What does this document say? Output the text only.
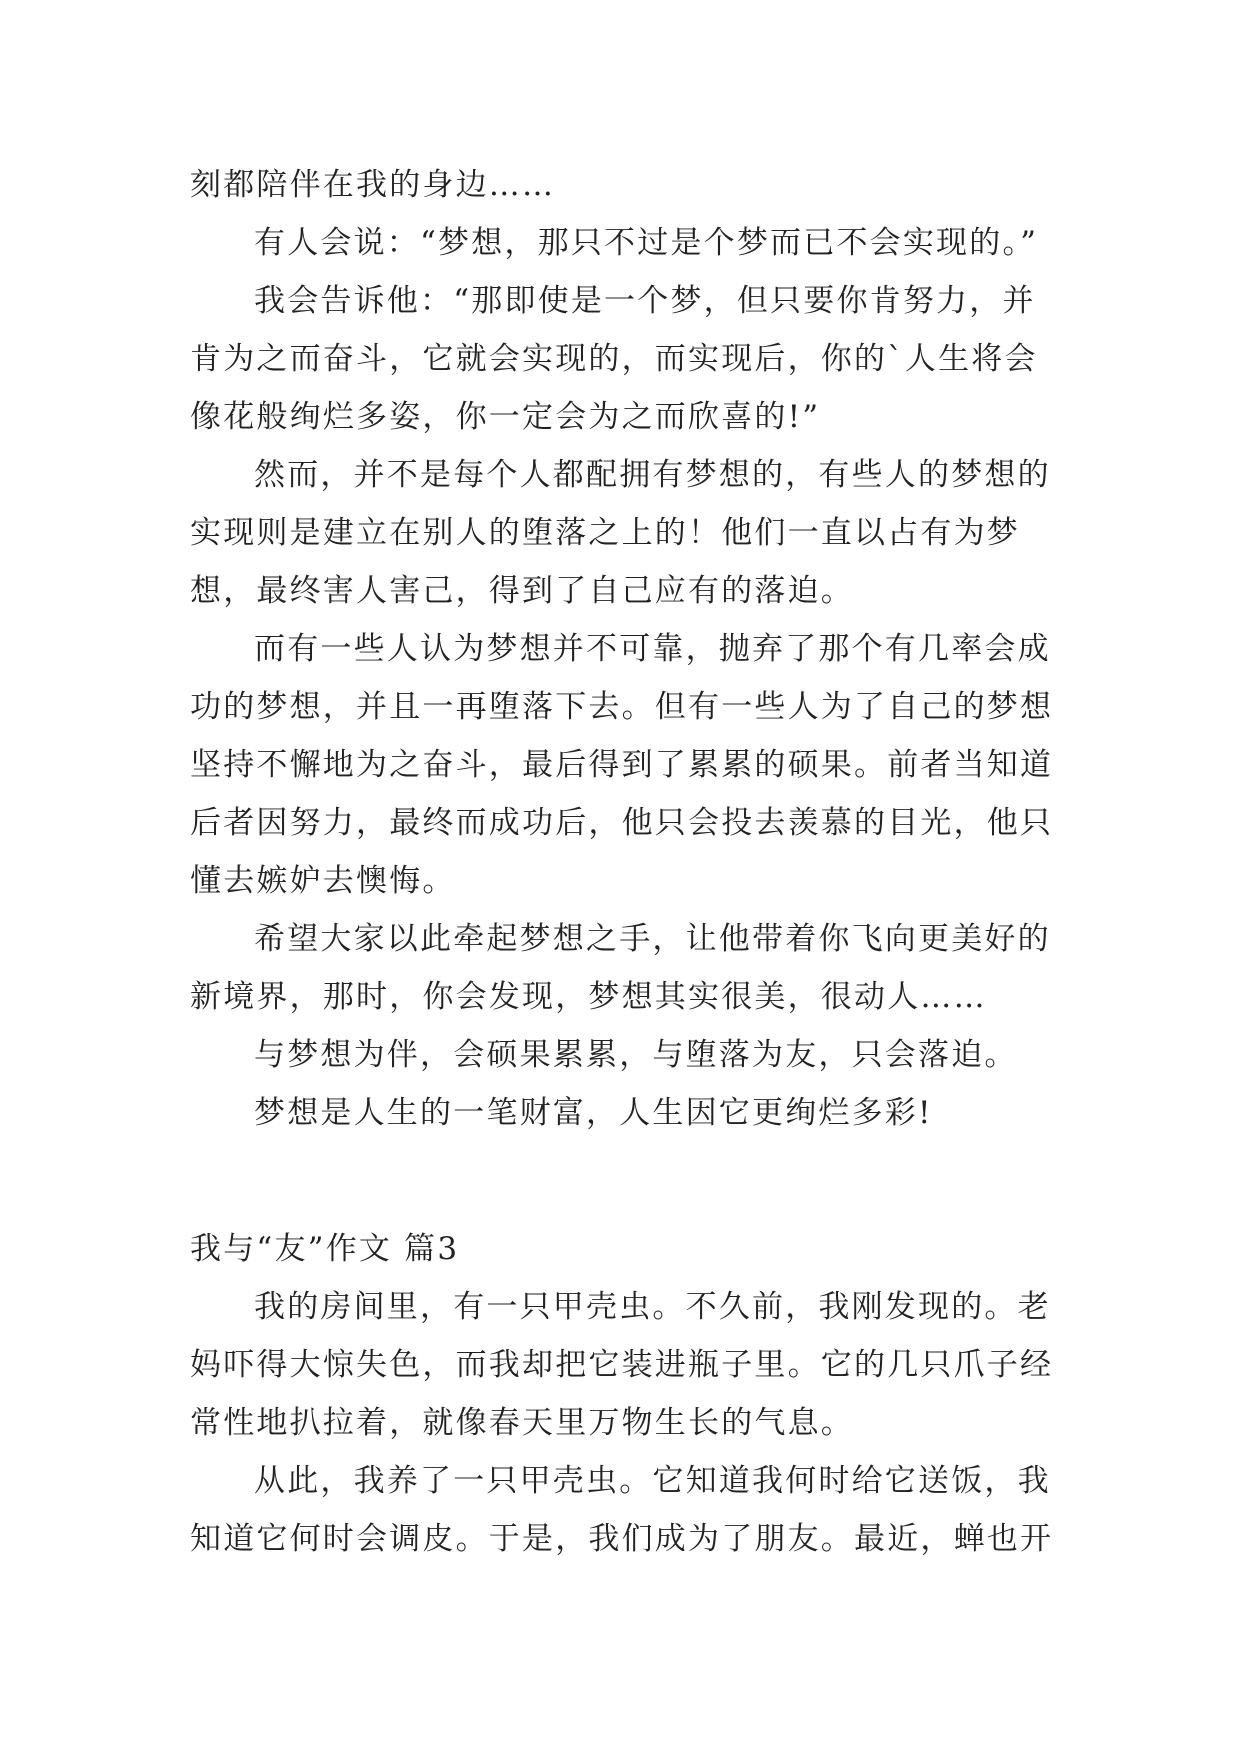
刻都陪伴在我的身边……
有人会说：“梦想，那只不过是个梦而已不会实现的。”
我会告诉他：“那即使是一个梦，但只要你肯努力，并
肯为之而奋斗，它就会实现的，而实现后，你的`人生将会
像花般绚烂多姿，你一定会为之而欣喜的!”
然而，并不是每个人都配拥有梦想的，有些人的梦想的
实现则是建立在别人的堕落之上的！他们一直以占有为梦
想，最终害人害己，得到了自己应有的落迫。
而有一些人认为梦想并不可靠，抛弃了那个有几率会成
功的梦想，并且一再堕落下去。但有一些人为了自己的梦想
坚持不懈地为之奋斗，最后得到了累累的硕果。前者当知道
后者因努力，最终而成功后，他只会投去羡慕的目光，他只
懂去嫉妒去懊悔。
希望大家以此牵起梦想之手，让他带着你飞向更美好的
新境界，那时，你会发现，梦想其实很美，很动人……
与梦想为伴，会硕果累累，与堕落为友，只会落迫。
梦想是人生的一笔财富，人生因它更绚烂多彩!
我与“友”作文 篇3
我的房间里，有一只甲壳虫。不久前，我刚发现的。老
妈吓得大惊失色，而我却把它装进瓶子里。它的几只爪子经
常性地扒拉着，就像春天里万物生长的气息。
从此，我养了一只甲壳虫。它知道我何时给它送饭，我
知道它何时会调皮。于是，我们成为了朋友。最近，蝉也开
